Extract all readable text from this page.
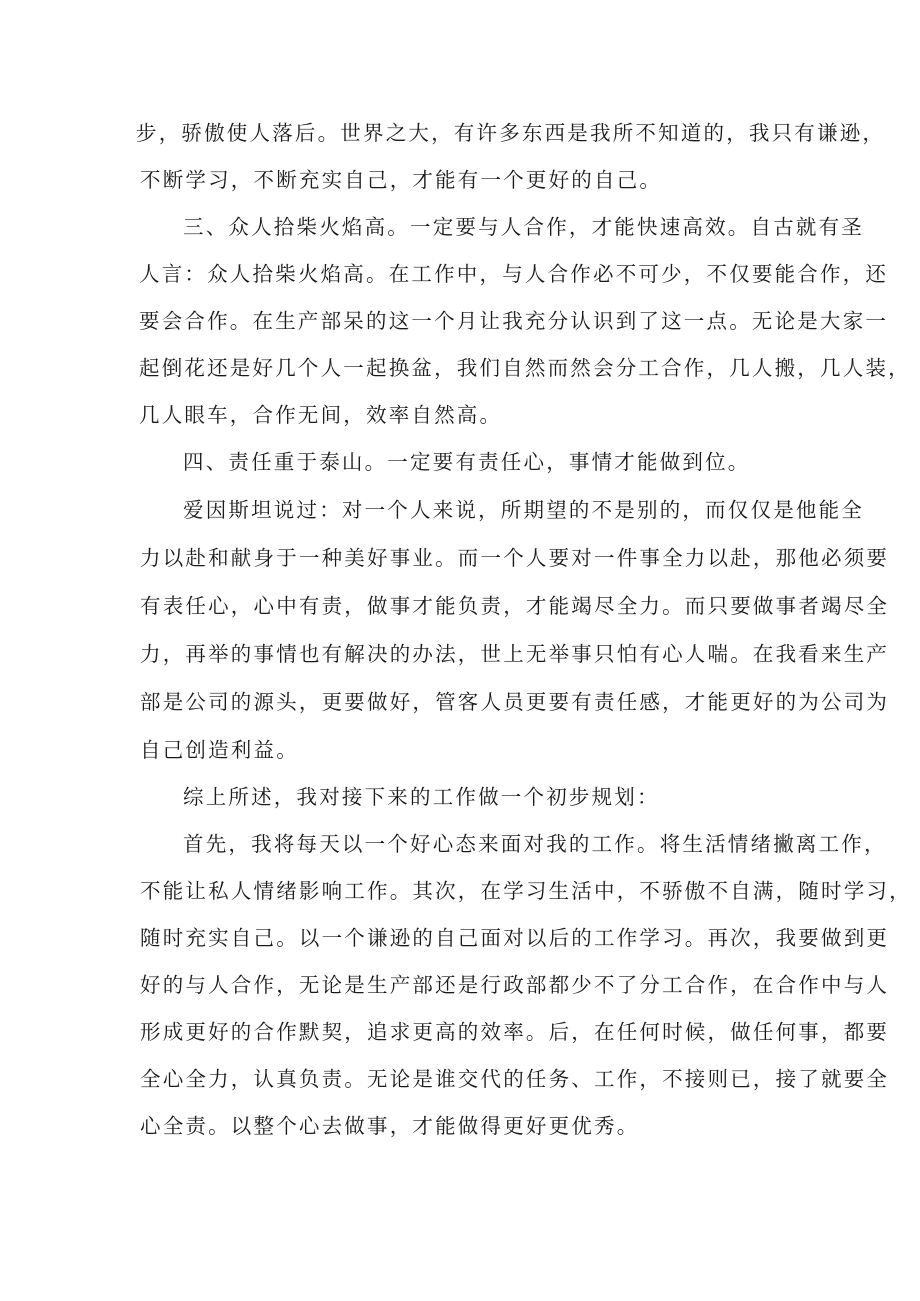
步，骄傲使人落后。世界之大，有许多东西是我所不知道的，我只有谦逊，
不断学习，不断充实自己，才能有一个更好的自己。
三、众人拾柴火焰高。一定要与人合作，才能快速高效。自古就有圣
人言：众人拾柴火焰高。在工作中，与人合作必不可少，不仅要能合作，还
要会合作。在生产部呆的这一个月让我充分认识到了这一点。无论是大家一
起倒花还是好几个人一起换盆，我们自然而然会分工合作，几人搬，几人装，
几人眼车，合作无间，效率自然高。
四、责任重于泰山。一定要有责任心，事情才能做到位。
爱因斯坦说过：对一个人来说，所期望的不是别的，而仅仅是他能全
力以赴和献身于一种美好事业。而一个人要对一件事全力以赴，那他必须要
有表任心，心中有责，做事才能负责，才能竭尽全力。而只要做事者竭尽全
力，再举的事情也有解决的办法，世上无举事只怕有心人喘。在我看来生产
部是公司的源头，更要做好，管客人员更要有责任感，才能更好的为公司为
自己创造利益。
综上所述，我对接下来的工作做一个初步规划：
首先，我将每天以一个好心态来面对我的工作。将生活情绪撇离工作，
不能让私人情绪影响工作。其次，在学习生活中，不骄傲不自满，随时学习，
随时充实自己。以一个谦逊的自己面对以后的工作学习。再次，我要做到更
好的与人合作，无论是生产部还是行政部都少不了分工合作，在合作中与人
形成更好的合作默契，追求更高的效率。后，在任何时候，做任何事，都要
全心全力，认真负责。无论是谁交代的任务、工作，不接则已，接了就要全
心全责。以整个心去做事，才能做得更好更优秀。
